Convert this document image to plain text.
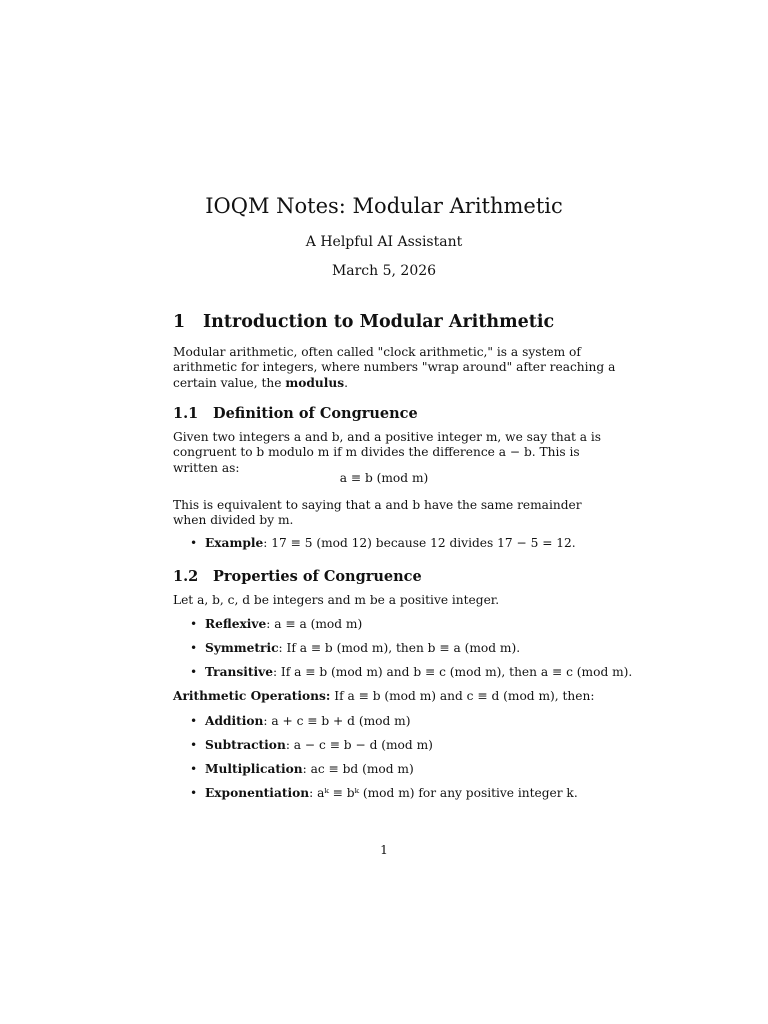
IOQM Notes: Modular Arithmetic
A Helpful AI Assistant
March 5, 2026
1 Introduction to Modular Arithmetic

Modular arithmetic, often called "clock arithmetic," is a system of arithmetic for integers, where numbers "wrap around" after reaching a certain value, the modulus.

1.1 Definition of Congruence

Given two integers a and b, and a positive integer m, we say that a is congruent to b modulo m if m divides the difference a − b. This is written as:

a ≡ b (mod m)

This is equivalent to saying that a and b have the same remainder when divided by m.

• Example: 17 ≡ 5 (mod 12) because 12 divides 17 − 5 = 12.
1.2 Properties of Congruence

Let a, b, c, d be integers and m be a positive integer.

• Reflexive: a ≡ a (mod m)
• Symmetric: If a ≡ b (mod m), then b ≡ a (mod m).
• Transitive: If a ≡ b (mod m) and b ≡ c (mod m), then a ≡ c (mod m).
Arithmetic Operations: If a ≡ b (mod m) and c ≡ d (mod m), then:
• Addition: a + c ≡ b + d (mod m)
• Subtraction: a − c ≡ b − d (mod m)
• Multiplication: ac ≡ bd (mod m)
• Exponentiation: aᵏ ≡ bᵏ (mod m) for any positive integer k.
1
